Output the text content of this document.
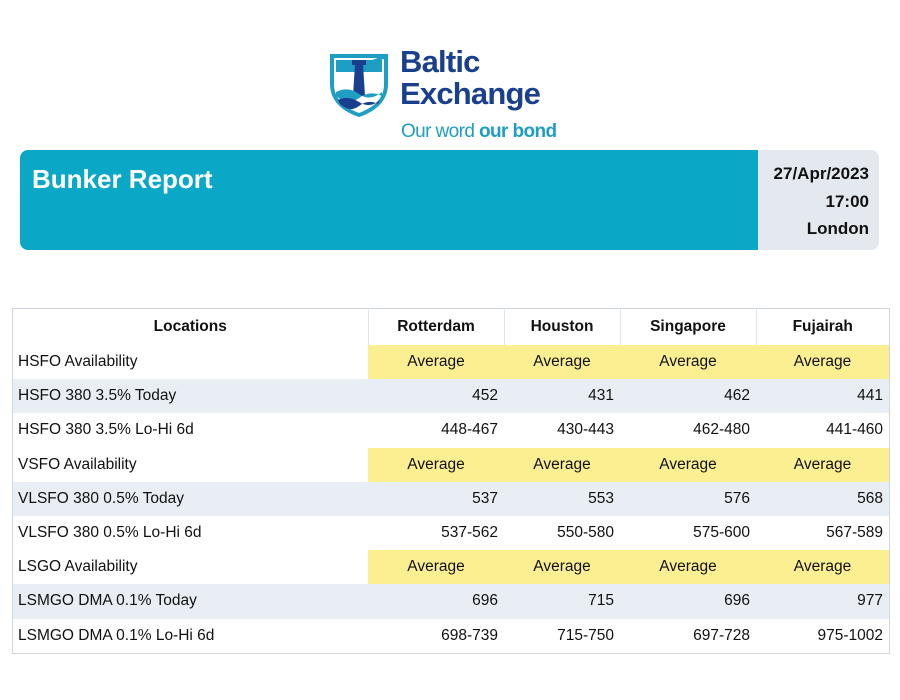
Baltic
Exchange
Our word our bond
Bunker Report	27/Apr/2023
17:00
London
Locations	Rotterdam	Houston	Singapore	Fujairah
HSFO Availability	Average	Average	Average	Average
HSFO 380 3.5% Today	452	431	462	441
HSFO 380 3.5% Lo-Hi 6d	448-467	430-443	462-480	441-460
VSFO Availability	Average	Average	Average	Average
VLSFO 380 0.5% Today	537	553	576	568
VLSFO 380 0.5% Lo-Hi 6d	537-562	550-580	575-600	567-589
LSGO Availability	Average	Average	Average	Average
LSMGO DMA 0.1% Today	696	715	696	977
LSMGO DMA 0.1% Lo-Hi 6d	698-739	715-750	697-728	975-1002
